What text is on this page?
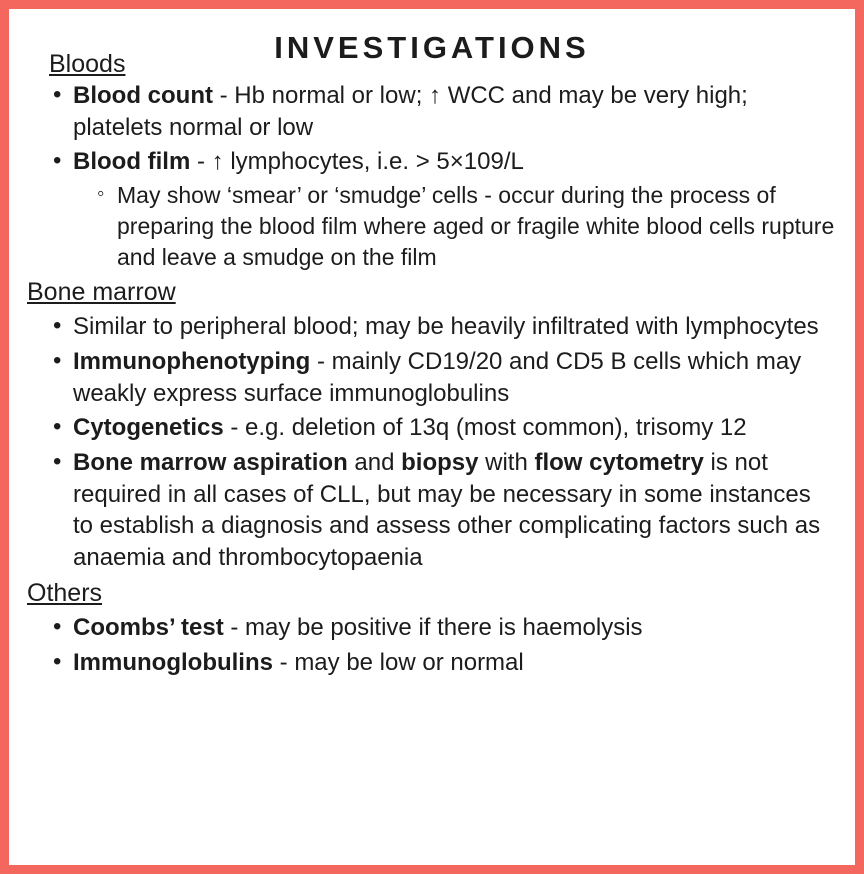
Bloods	INVESTIGATIONS
• Blood count - Hb normal or low; ↑ WCC and may be very high; platelets normal or low
• Blood film - ↑ lymphocytes, i.e. > 5×109/L
◦ May show ‘smear’ or ‘smudge’ cells - occur during the process of preparing the blood film where aged or fragile white blood cells rupture and leave a smudge on the film
Bone marrow
• Similar to peripheral blood; may be heavily infiltrated with lymphocytes
• Immunophenotyping - mainly CD19/20 and CD5 B cells which may weakly express surface immunoglobulins
• Cytogenetics - e.g. deletion of 13q (most common), trisomy 12
• Bone marrow aspiration and biopsy with flow cytometry is not required in all cases of CLL, but may be necessary in some instances to establish a diagnosis and assess other complicating factors such as anaemia and thrombocytopaenia
Others
• Coombs’ test - may be positive if there is haemolysis
• Immunoglobulins - may be low or normal
